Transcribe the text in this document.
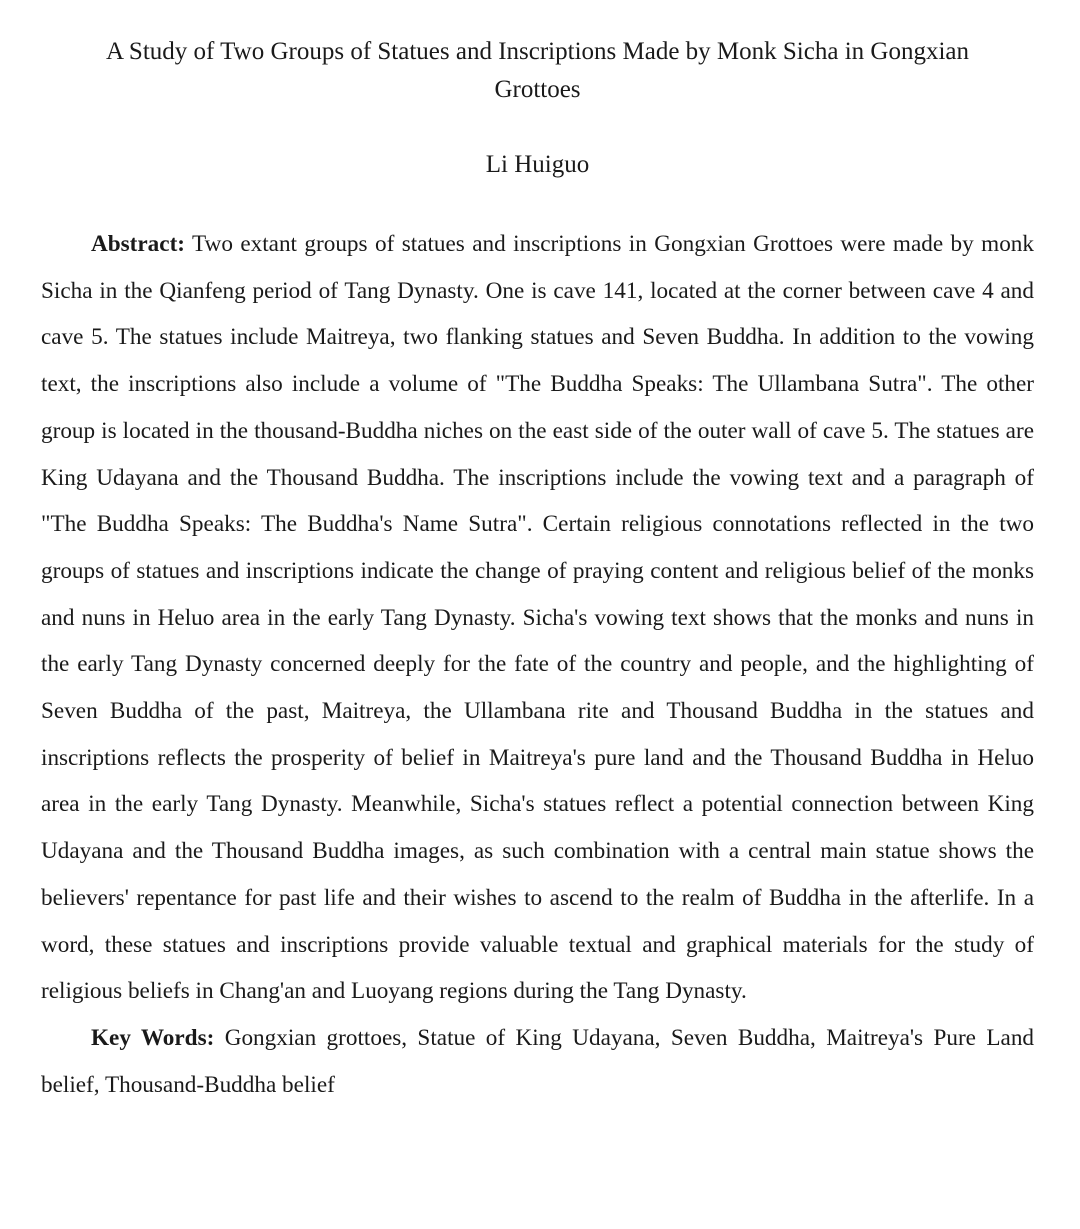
A Study of Two Groups of Statues and Inscriptions Made by Monk Sicha in Gongxian Grottoes
Li Huiguo
Abstract: Two extant groups of statues and inscriptions in Gongxian Grottoes were made by monk Sicha in the Qianfeng period of Tang Dynasty. One is cave 141, located at the corner between cave 4 and cave 5. The statues include Maitreya, two flanking statues and Seven Buddha. In addition to the vowing text, the inscriptions also include a volume of "The Buddha Speaks: The Ullambana Sutra". The other group is located in the thousand-Buddha niches on the east side of the outer wall of cave 5. The statues are King Udayana and the Thousand Buddha. The inscriptions include the vowing text and a paragraph of "The Buddha Speaks: The Buddha's Name Sutra". Certain religious connotations reflected in the two groups of statues and inscriptions indicate the change of praying content and religious belief of the monks and nuns in Heluo area in the early Tang Dynasty. Sicha's vowing text shows that the monks and nuns in the early Tang Dynasty concerned deeply for the fate of the country and people, and the highlighting of Seven Buddha of the past, Maitreya, the Ullambana rite and Thousand Buddha in the statues and inscriptions reflects the prosperity of belief in Maitreya's pure land and the Thousand Buddha in Heluo area in the early Tang Dynasty. Meanwhile, Sicha's statues reflect a potential connection between King Udayana and the Thousand Buddha images, as such combination with a central main statue shows the believers' repentance for past life and their wishes to ascend to the realm of Buddha in the afterlife. In a word, these statues and inscriptions provide valuable textual and graphical materials for the study of religious beliefs in Chang'an and Luoyang regions during the Tang Dynasty.
Key Words: Gongxian grottoes, Statue of King Udayana, Seven Buddha, Maitreya's Pure Land belief, Thousand-Buddha belief
